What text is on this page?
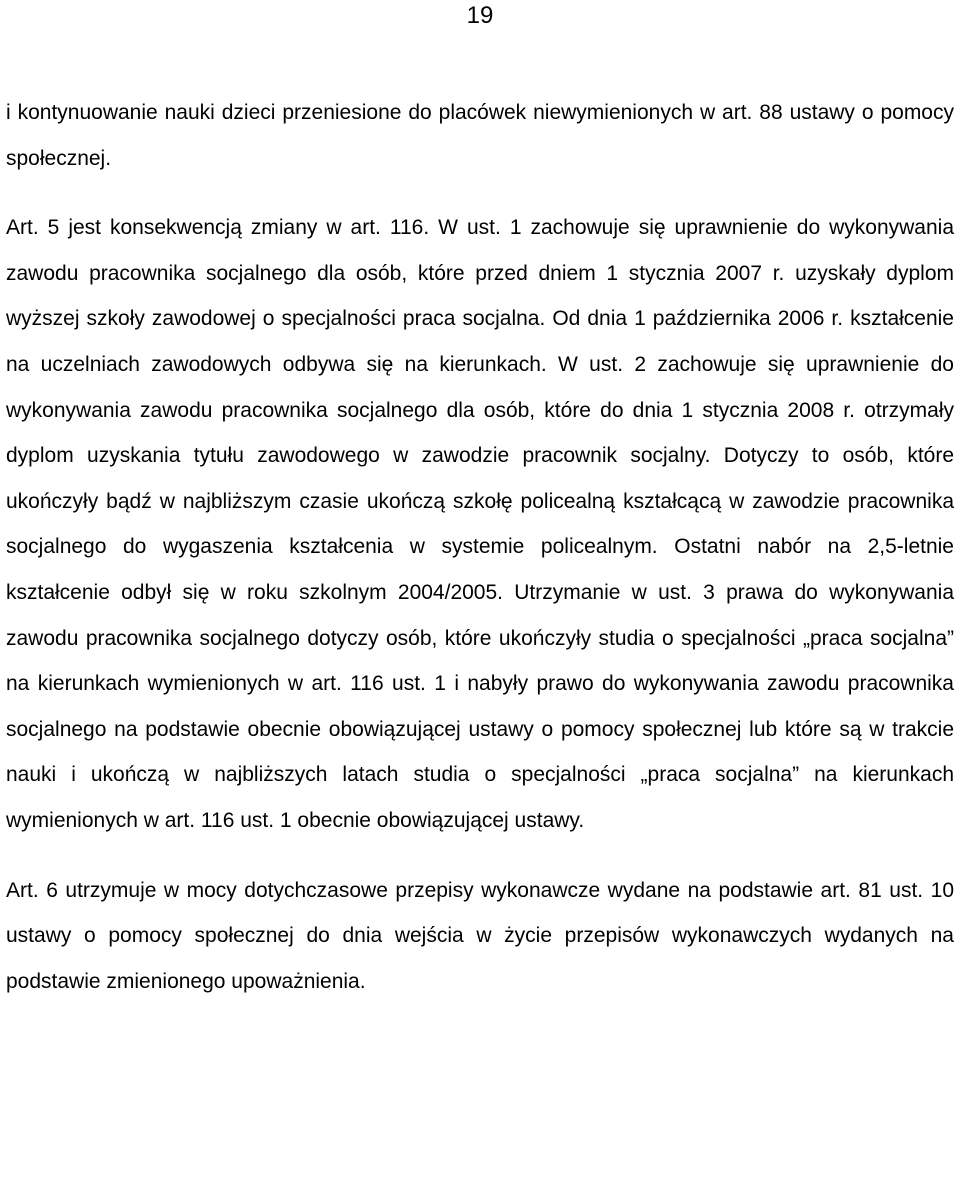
19

i kontynuowanie nauki dzieci przeniesione do placówek niewymienionych w art. 88 ustawy o pomocy społecznej.

Art. 5 jest konsekwencją zmiany w art. 116. W ust. 1 zachowuje się uprawnienie do wykonywania zawodu pracownika socjalnego dla osób, które przed dniem 1 stycznia 2007 r. uzyskały dyplom wyższej szkoły zawodowej o specjalności praca socjalna. Od dnia 1 października 2006 r. kształcenie na uczelniach zawodowych odbywa się na kierunkach. W ust. 2 zachowuje się uprawnienie do wykonywania zawodu pracownika socjalnego dla osób, które do dnia 1 stycznia 2008 r. otrzymały dyplom uzyskania tytułu zawodowego w zawodzie pracownik socjalny. Dotyczy to osób, które ukończyły bądź w najbliższym czasie ukończą szkołę policealną kształcącą w zawodzie pracownika socjalnego do wygaszenia kształcenia w systemie policealnym. Ostatni nabór na 2,5-letnie kształcenie odbył się w roku szkolnym 2004/2005. Utrzymanie w ust. 3 prawa do wykonywania zawodu pracownika socjalnego dotyczy osób, które ukończyły studia o specjalności „praca socjalna” na kierunkach wymienionych w art. 116 ust. 1 i nabyły prawo do wykonywania zawodu pracownika socjalnego na podstawie obecnie obowiązującej ustawy o pomocy społecznej lub które są w trakcie nauki i ukończą w najbliższych latach studia o specjalności „praca socjalna” na kierunkach wymienionych w art. 116 ust. 1 obecnie obowiązującej ustawy.

Art. 6 utrzymuje w mocy dotychczasowe przepisy wykonawcze wydane na podstawie art. 81 ust. 10 ustawy o pomocy społecznej do dnia wejścia w życie przepisów wykonawczych wydanych na podstawie zmienionego upoważnienia.
